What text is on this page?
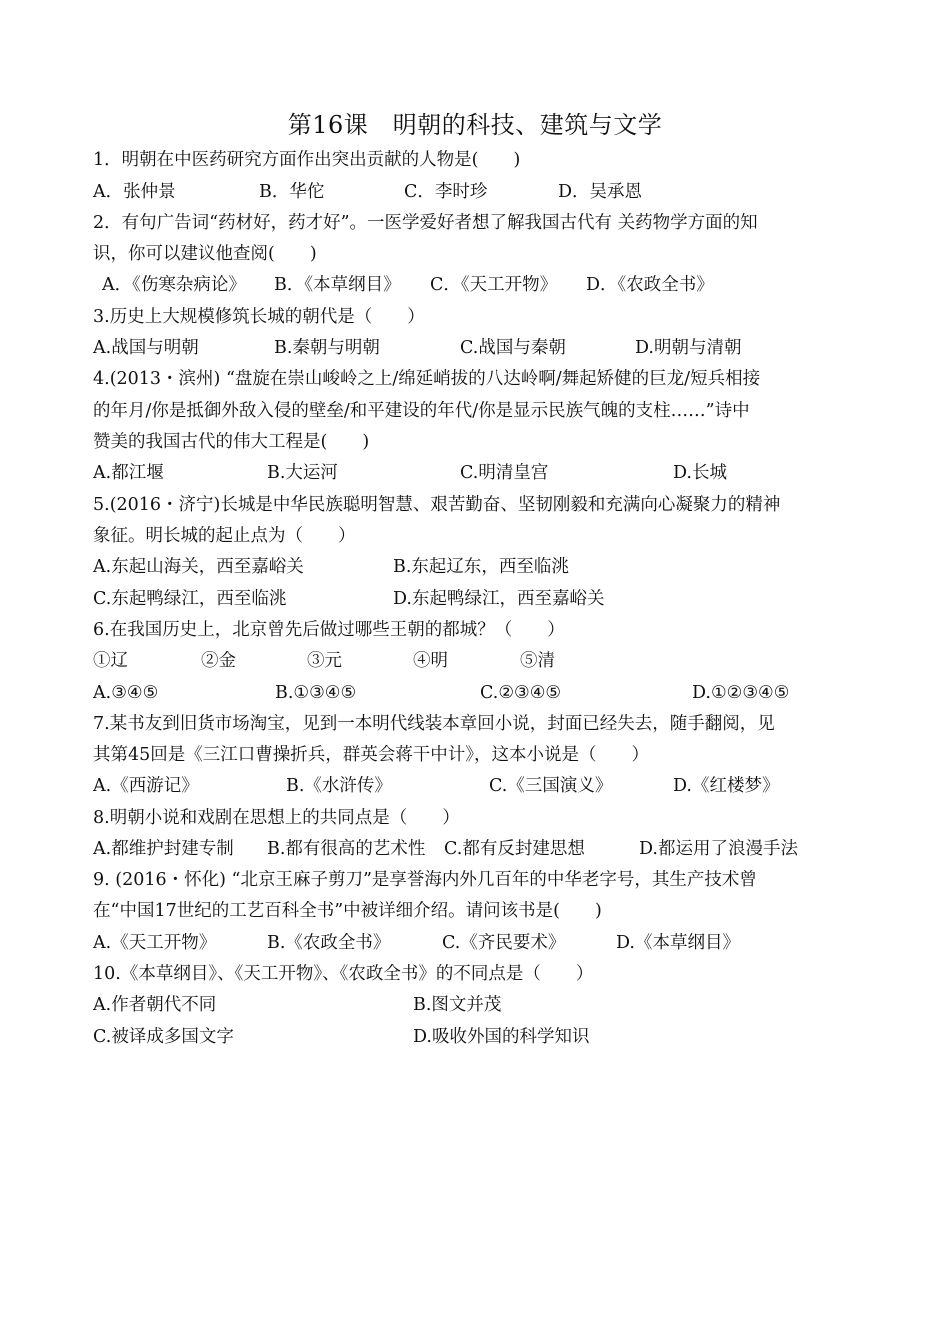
第16课　明朝的科技、建筑与文学
1．明朝在中医药研究方面作出突出贡献的人物是(　　)
A．张仲景	B．华佗	C．李时珍	D．吴承恩
2．有句广告词“药材好，药才好”。一医学爱好者想了解我国古代有 关药物学方面的知
识，你可以建议他查阅(　　)
A．《伤寒杂病论》 B．《本草纲目》 C．《天工开物》 D．《农政全书》
3.历史上大规模修筑长城的朝代是（　　）
A.战国与明朝	B.秦朝与明朝	C.战国与秦朝	D.明朝与清朝
4.(2013・滨州) “盘旋在崇山峻岭之上/绵延峭拔的八达岭啊/舞起矫健的巨龙/短兵相接
的年月/你是抵御外敌入侵的壁垒/和平建设的年代/你是显示民族气魄的支柱……”诗中
赞美的我国古代的伟大工程是(　　)
A.都江堰	B.大运河	C.明清皇宫	D.长城
5.(2016・济宁)长城是中华民族聪明智慧、艰苦勤奋、坚韧刚毅和充满向心凝聚力的精神
象征。明长城的起止点为（　　）
A.东起山海关，西至嘉峪关	B.东起辽东，西至临洮
C.东起鸭绿江，西至临洮	D.东起鸭绿江，西至嘉峪关
6.在我国历史上，北京曾先后做过哪些王朝的都城？（　　）
①辽	②金	③元	④明	⑤清
A.③④⑤	B.①③④⑤	C.②③④⑤	D.①②③④⑤
7.某书友到旧货市场淘宝，见到一本明代线装本章回小说，封面已经失去，随手翻阅，见
其第45回是《三江口曹操折兵，群英会蒋干中计》，这本小说是（　　）
A.《西游记》	B.《水浒传》	C.《三国演义》	D.《红楼梦》
8.明朝小说和戏剧在思想上的共同点是（　　）
A.都维护封建专制 B.都有很高的艺术性 C.都有反封建思想	D.都运用了浪漫手法
9. (2016・怀化) “北京王麻子剪刀”是享誉海内外几百年的中华老字号，其生产技术曾
在“中国17世纪的工艺百科全书”中被详细介绍。请问该书是(　　)
A.《天工开物》	B.《农政全书》	C.《齐民要术》	D.《本草纲目》
10.《本草纲目》、《天工开物》、《农政全书》的不同点是（　　）
A.作者朝代不同	B.图文并茂
C.被译成多国文字	D.吸收外国的科学知识
